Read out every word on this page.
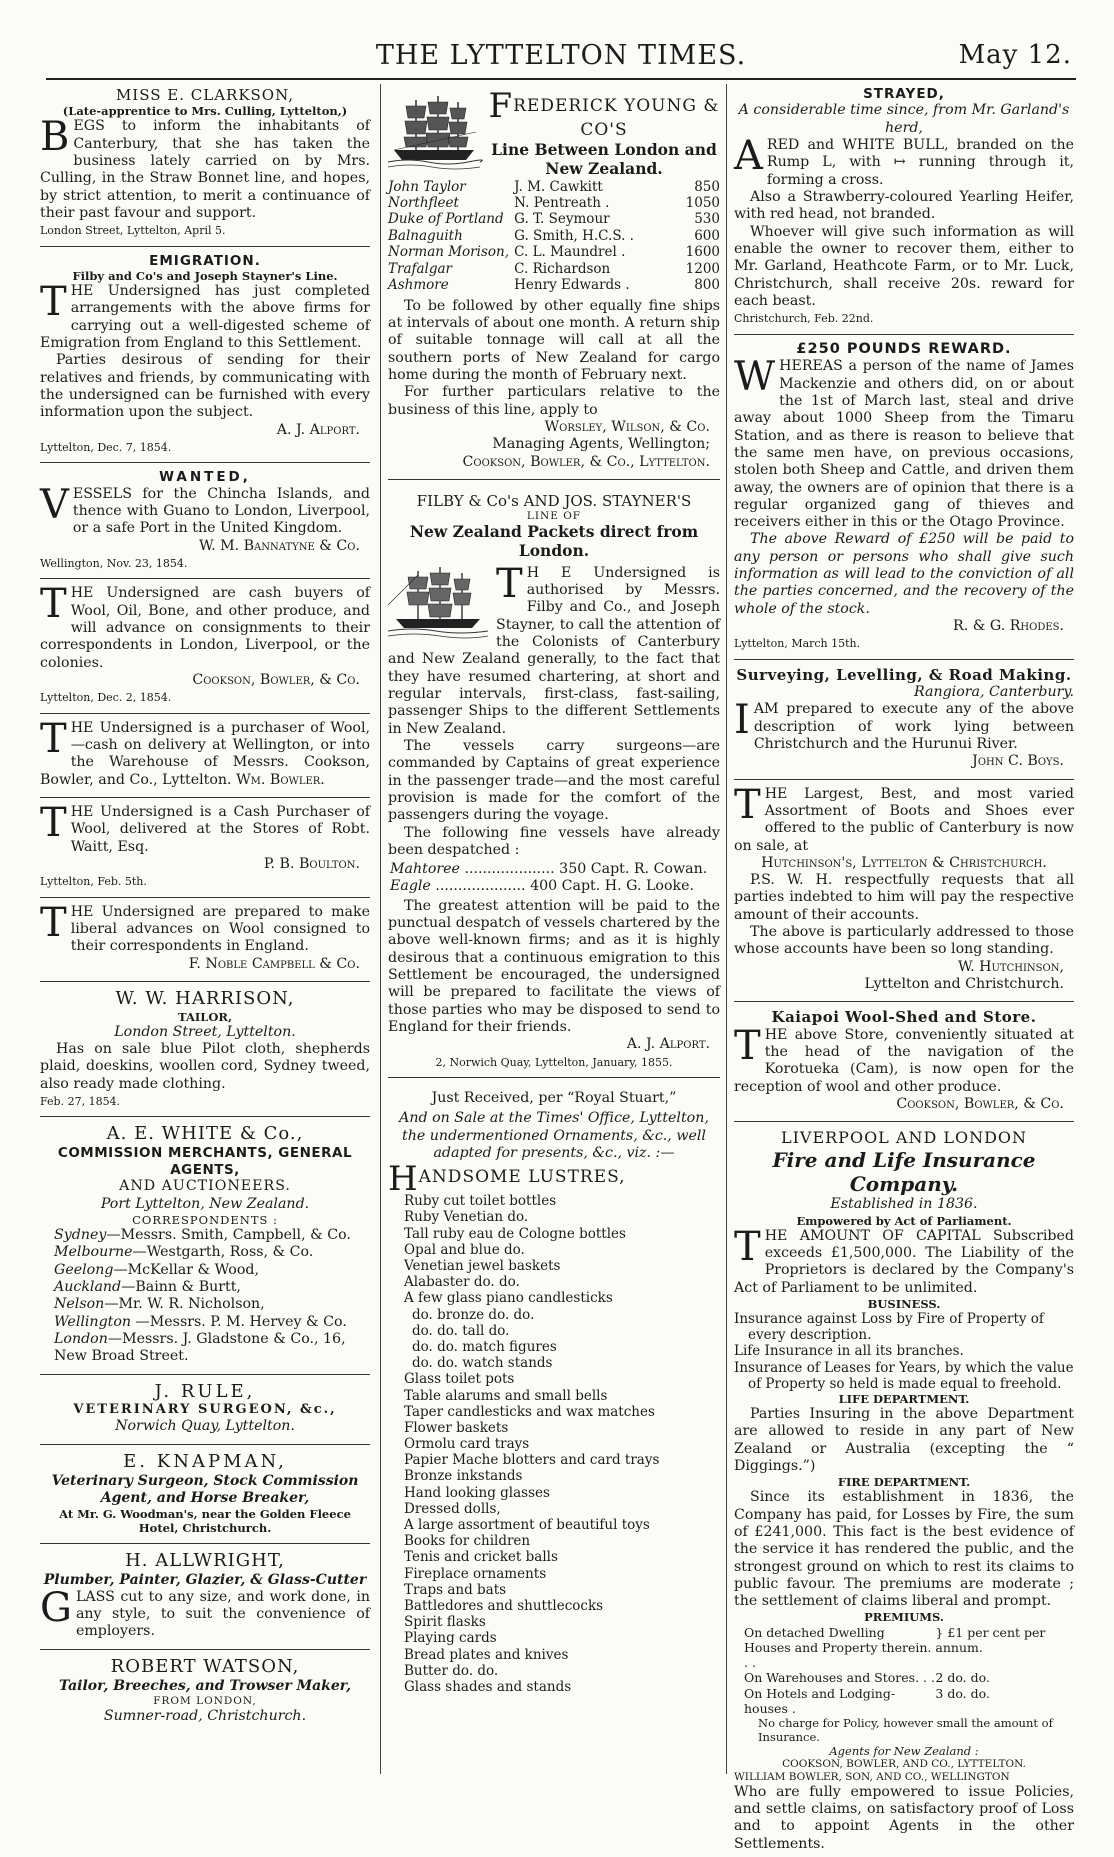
THE LYTTELTON TIMES.	May 12.
MISS E. CLARKSON,
(Late-apprentice to Mrs. Culling, Lyttelton,)

BEGS to inform the inhabitants of Canterbury, that she has taken the business lately carried on by Mrs. Culling, in the Straw Bonnet line, and hopes, by strict attention, to merit a continuance of their past favour and support.

London Street, Lyttelton, April 5.
EMIGRATION.
Filby and Co's and Joseph Stayner's Line.

THE Undersigned has just completed arrangements with the above firms for carrying out a well-digested scheme of Emigration from England to this Settlement.

Parties desirous of sending for their relatives and friends, by communicating with the undersigned can be furnished with every information upon the subject.

A. J. Alport.
Lyttelton, Dec. 7, 1854.
WANTED,

VESSELS for the Chincha Islands, and thence with Guano to London, Liverpool, or a safe Port in the United Kingdom.

W. M. Bannatyne & Co.
Wellington, Nov. 23, 1854.

THE Undersigned are cash buyers of Wool, Oil, Bone, and other produce, and will advance on consignments to their correspondents in London, Liverpool, or the colonies.

Cookson, Bowler, & Co.
Lyttelton, Dec. 2, 1854.

THE Undersigned is a purchaser of Wool,—cash on delivery at Wellington, or into the Warehouse of Messrs. Cookson, Bowler, and Co., Lyttelton. Wm. Bowler.

THE Undersigned is a Cash Purchaser of Wool, delivered at the Stores of Robt. Waitt, Esq.

P. B. Boulton.
Lyttelton, Feb. 5th.

THE Undersigned are prepared to make liberal advances on Wool consigned to their correspondents in England.

F. Noble Campbell & Co.
W. W. HARRISON,
TAILOR,
London Street, Lyttelton.

Has on sale blue Pilot cloth, shepherds plaid, doeskins, woollen cord, Sydney tweed, also ready made clothing.

Feb. 27, 1854.
A. E. WHITE & Co.,
COMMISSION MERCHANTS, GENERAL AGENTS,
AND AUCTIONEERS.
Port Lyttelton, New Zealand.
CORRESPONDENTS :
Sydney—Messrs. Smith, Campbell, & Co.
Melbourne—Westgarth, Ross, & Co.
Geelong—McKellar & Wood,
Auckland—Bainn & Burtt,
Nelson—Mr. W. R. Nicholson,
Wellington —Messrs. P. M. Hervey & Co.
London—Messrs. J. Gladstone & Co., 16, New Broad Street.
J. RULE,
VETERINARY SURGEON, &c.,
Norwich Quay, Lyttelton.
E. KNAPMAN,
Veterinary Surgeon, Stock Commission Agent, and Horse Breaker,
At Mr. G. Woodman's, near the Golden Fleece Hotel, Christchurch.
H. ALLWRIGHT,
Plumber, Painter, Glazier, & Glass-Cutter

GLASS cut to any size, and work done, in any style, to suit the convenience of employers.

ROBERT WATSON,
Tailor, Breeches, and Trowser Maker,
FROM LONDON,
Sumner-road, Christchurch.
FREDERICK YOUNG & CO'S
Line Between London and New Zealand.
John Taylor	J. M. Cawkitt	850
Northfleet	N. Pentreath .	1050
Duke of Portland	G. T. Seymour	530
Balnaguith	G. Smith, H.C.S. .	600
Norman Morison,	C. L. Maundrel .	1600
Trafalgar	C. Richardson	1200
Ashmore	Henry Edwards .	800

To be followed by other equally fine ships at intervals of about one month. A return ship of suitable tonnage will call at all the southern ports of New Zealand for cargo home during the month of February next.

For further particulars relative to the business of this line, apply to

Worsley, Wilson, & Co.
Managing Agents, Wellington;
Cookson, Bowler, & Co., Lyttelton.
FILBY & Co's AND JOS. STAYNER'S
LINE OF
New Zealand Packets direct from London.

T H E Undersigned is authorised by Messrs. Filby and Co., and Joseph Stayner, to call the attention of the Colonists of Canterbury and New Zealand generally, to the fact that they have resumed chartering, at short and regular intervals, first-class, fast-sailing, passenger Ships to the different Settlements in New Zealand.

The vessels carry surgeons—are commanded by Captains of great experience in the passenger trade—and the most careful provision is made for the comfort of the passengers during the voyage.

The following fine vessels have already been despatched :

Mahtoree .................... 350 Capt. R. Cowan.
Eagle .................... 400 Capt. H. G. Looke.

The greatest attention will be paid to the punctual despatch of vessels chartered by the above well-known firms; and as it is highly desirous that a continuous emigration to this Settlement be encouraged, the undersigned will be prepared to facilitate the views of those parties who may be disposed to send to England for their friends.

A. J. Alport.
2, Norwich Quay, Lyttelton, January, 1855.
Just Received, per “Royal Stuart,”

And on Sale at the Times' Office, Lyttelton, the undermentioned Ornaments, &c., well adapted for presents, &c., viz. :—

HANDSOME LUSTRES,
Ruby cut toilet bottles
Ruby Venetian do.
Tall ruby eau de Cologne bottles
Opal and blue do.
Venetian jewel baskets
Alabaster do. do.
A few glass piano candlesticks
do. bronze do. do.
do. do. tall do.
do. do. match figures
do. do. watch stands
Glass toilet pots
Table alarums and small bells
Taper candlesticks and wax matches
Flower baskets
Ormolu card trays
Papier Mache blotters and card trays
Bronze inkstands
Hand looking glasses
Dressed dolls,
A large assortment of beautiful toys
Books for children
Tenis and cricket balls
Fireplace ornaments
Traps and bats
Battledores and shuttlecocks
Spirit flasks
Playing cards
Bread plates and knives
Butter do. do.
Glass shades and stands
STRAYED,
A considerable time since, from Mr. Garland's herd,

ARED and WHITE BULL, branded on the Rump L, with ↦ running through it, forming a cross.

Also a Strawberry-coloured Yearling Heifer, with red head, not branded.

Whoever will give such information as will enable the owner to recover them, either to Mr. Garland, Heathcote Farm, or to Mr. Luck, Christchurch, shall receive 20s. reward for each beast.

Christchurch, Feb. 22nd.
£250 POUNDS REWARD.

WHEREAS a person of the name of James Mackenzie and others did, on or about the 1st of March last, steal and drive away about 1000 Sheep from the Timaru Station, and as there is reason to believe that the same men have, on previous occasions, stolen both Sheep and Cattle, and driven them away, the owners are of opinion that there is a regular organized gang of thieves and receivers either in this or the Otago Province.

The above Reward of £250 will be paid to any person or persons who shall give such information as will lead to the conviction of all the parties concerned, and the recovery of the whole of the stock.

R. & G. Rhodes.
Lyttelton, March 15th.
Surveying, Levelling, & Road Making.
Rangiora, Canterbury.

IAM prepared to execute any of the above description of work lying between Christchurch and the Hurunui River.

John C. Boys.

THE Largest, Best, and most varied Assortment of Boots and Shoes ever offered to the public of Canterbury is now on sale, at

Hutchinson's, Lyttelton & Christchurch.

P.S. W. H. respectfully requests that all parties indebted to him will pay the respective amount of their accounts.

The above is particularly addressed to those whose accounts have been so long standing.

W. Hutchinson,
Lyttelton and Christchurch.
Kaiapoi Wool-Shed and Store.

THE above Store, conveniently situated at the head of the navigation of the Korotueka (Cam), is now open for the reception of wool and other produce.

Cookson, Bowler, & Co.
LIVERPOOL AND LONDON
Fire and Life Insurance Company.
Established in 1836.
Empowered by Act of Parliament.

THE AMOUNT OF CAPITAL Subscribed exceeds £1,500,000. The Liability of the Proprietors is declared by the Company's Act of Parliament to be unlimited.

BUSINESS.
Insurance against Loss by Fire of Property of every description.
Life Insurance in all its branches.
Insurance of Leases for Years, by which the value of Property so held is made equal to freehold.
LIFE DEPARTMENT.

Parties Insuring in the above Department are allowed to reside in any part of New Zealand or Australia (excepting the “ Diggings.”)

FIRE DEPARTMENT.

Since its establishment in 1836, the Company has paid, for Losses by Fire, the sum of £241,000. This fact is the best evidence of the service it has rendered the public, and the strongest ground on which to rest its claims to public favour. The premiums are moderate ; the settlement of claims liberal and prompt.

PREMIUMS.
On detached Dwelling Houses and Property therein. . .
} £1 per cent per annum.
On Warehouses and Stores. . . 2 do. do.
On Hotels and Lodging-houses .
3 do. do.
No charge for Policy, however small the amount of Insurance.
Agents for New Zealand :
COOKSON, BOWLER, AND CO., LYTTELTON.
WILLIAM BOWLER, SON, AND CO., WELLINGTON

Who are fully empowered to issue Policies, and settle claims, on satisfactory proof of Loss and to appoint Agents in the other Settlements.
